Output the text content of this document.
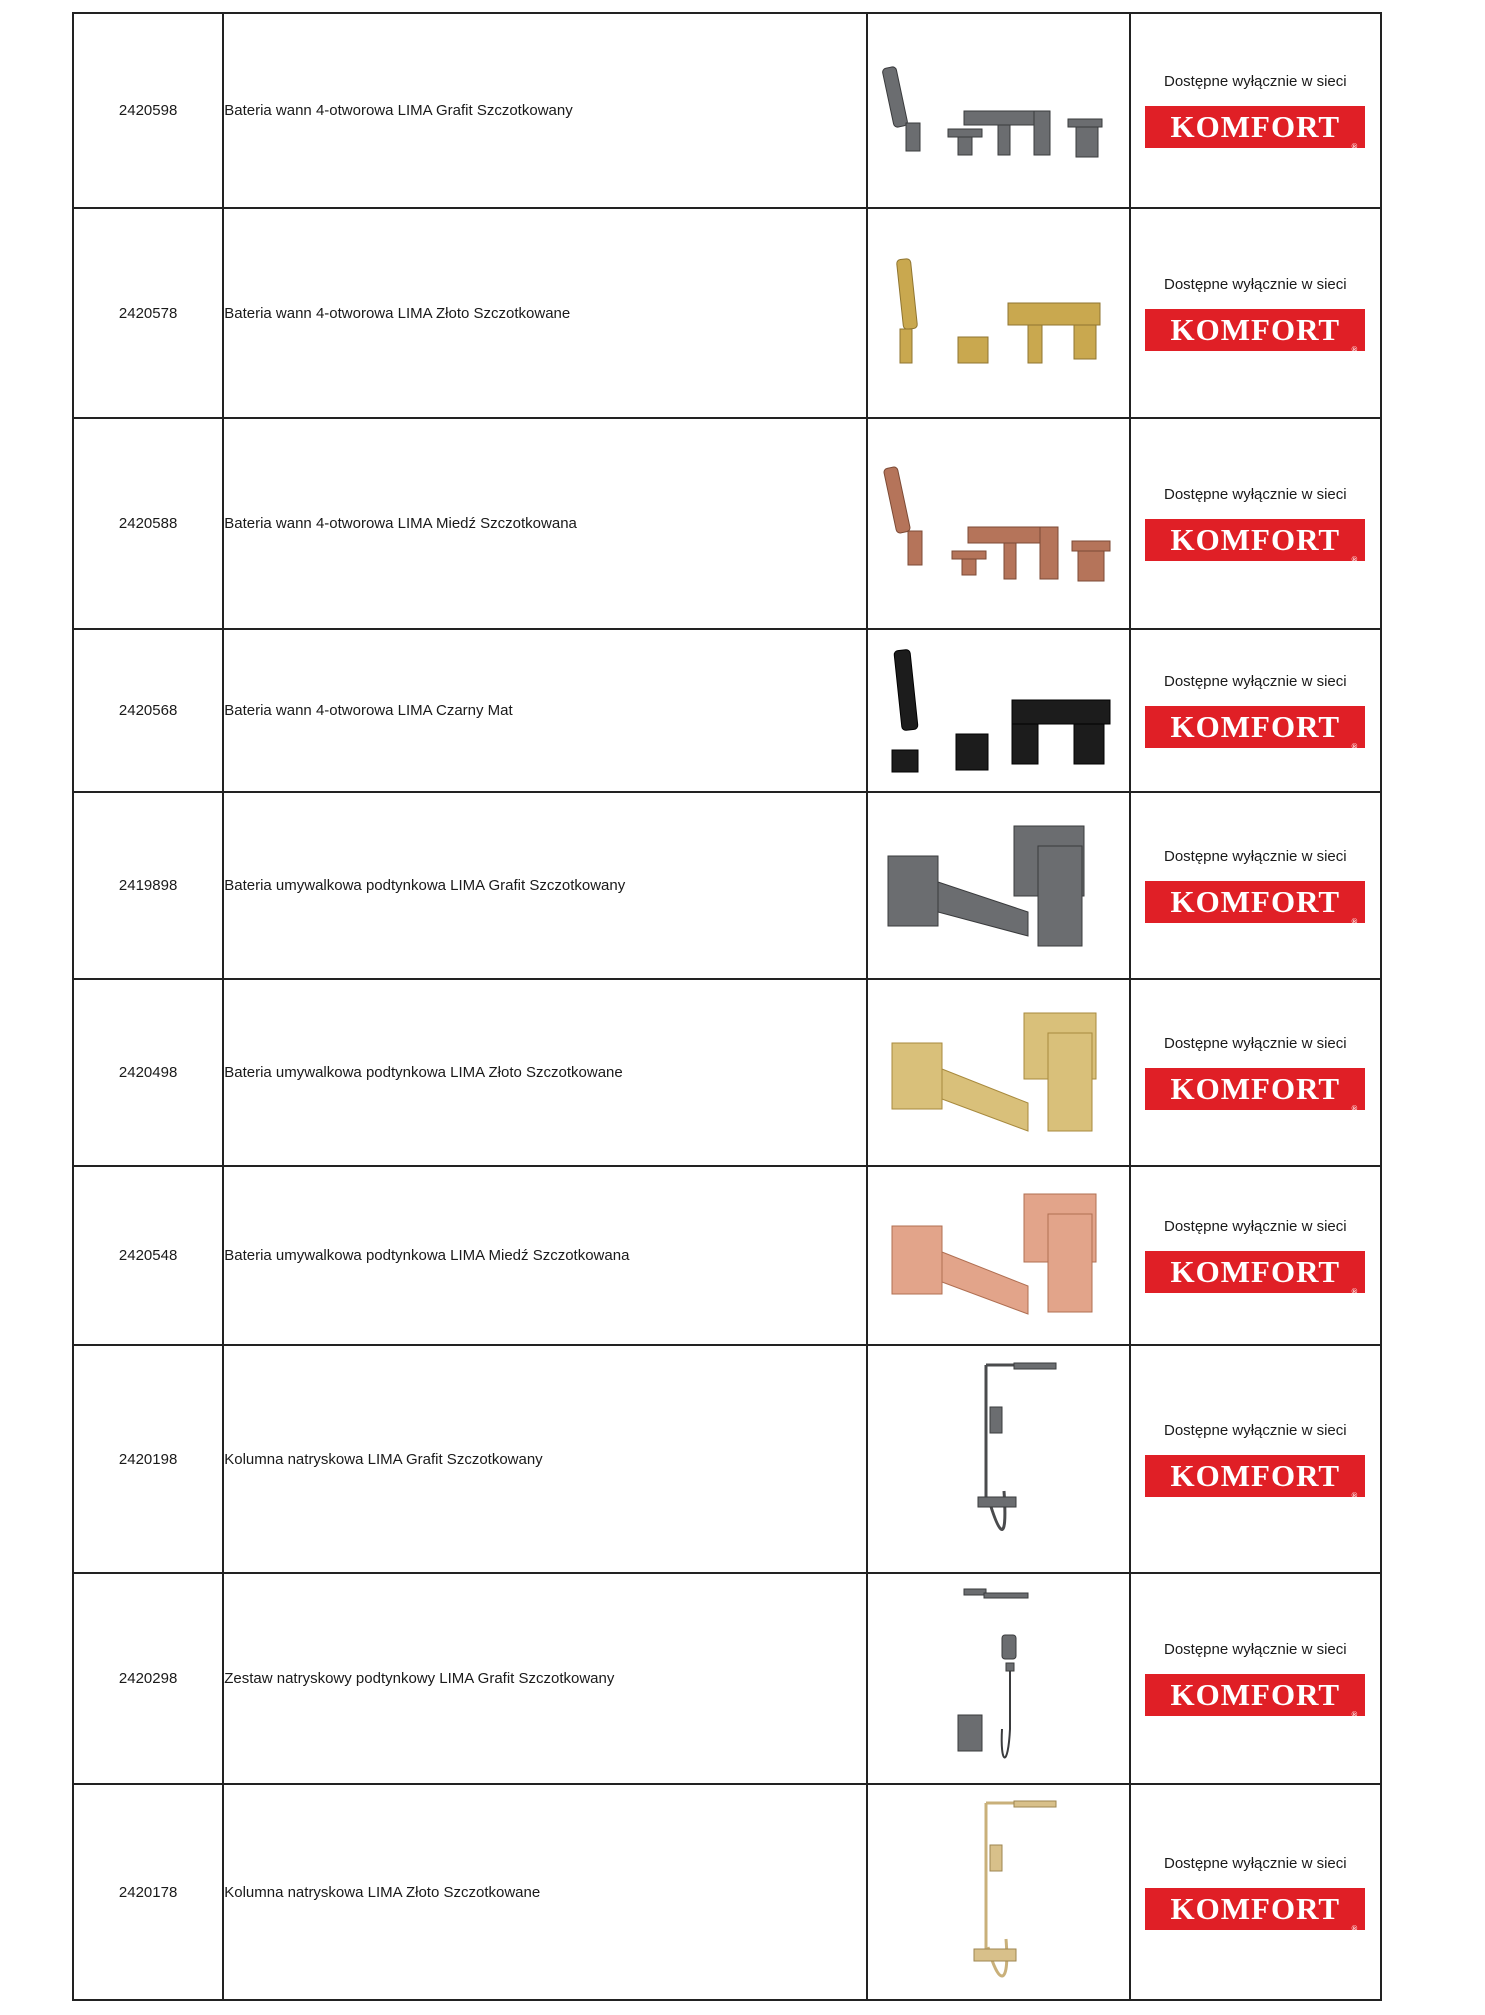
2420598	Bateria wann 4-otworowa LIMA Grafit Szczotkowany		Dostępne wyłącznie w sieci
KOMFORT
®

2420578	Bateria wann 4-otworowa LIMA Złoto Szczotkowane		Dostępne wyłącznie w sieci
KOMFORT
®

2420588	Bateria wann 4-otworowa LIMA Miedź Szczotkowana		Dostępne wyłącznie w sieci
KOMFORT
®

2420568	Bateria wann 4-otworowa LIMA Czarny Mat		Dostępne wyłącznie w sieci
KOMFORT
®

2419898	Bateria umywalkowa podtynkowa LIMA Grafit Szczotkowany		Dostępne wyłącznie w sieci
KOMFORT
®

2420498	Bateria umywalkowa podtynkowa LIMA Złoto Szczotkowane		Dostępne wyłącznie w sieci
KOMFORT
®

2420548	Bateria umywalkowa podtynkowa LIMA Miedź Szczotkowana		Dostępne wyłącznie w sieci
KOMFORT
®

2420198	Kolumna natryskowa LIMA Grafit Szczotkowany		Dostępne wyłącznie w sieci
KOMFORT
®

2420298	Zestaw natryskowy podtynkowy LIMA Grafit Szczotkowany		Dostępne wyłącznie w sieci
KOMFORT
®

2420178	Kolumna natryskowa LIMA Złoto Szczotkowane		Dostępne wyłącznie w sieci
KOMFORT
®
